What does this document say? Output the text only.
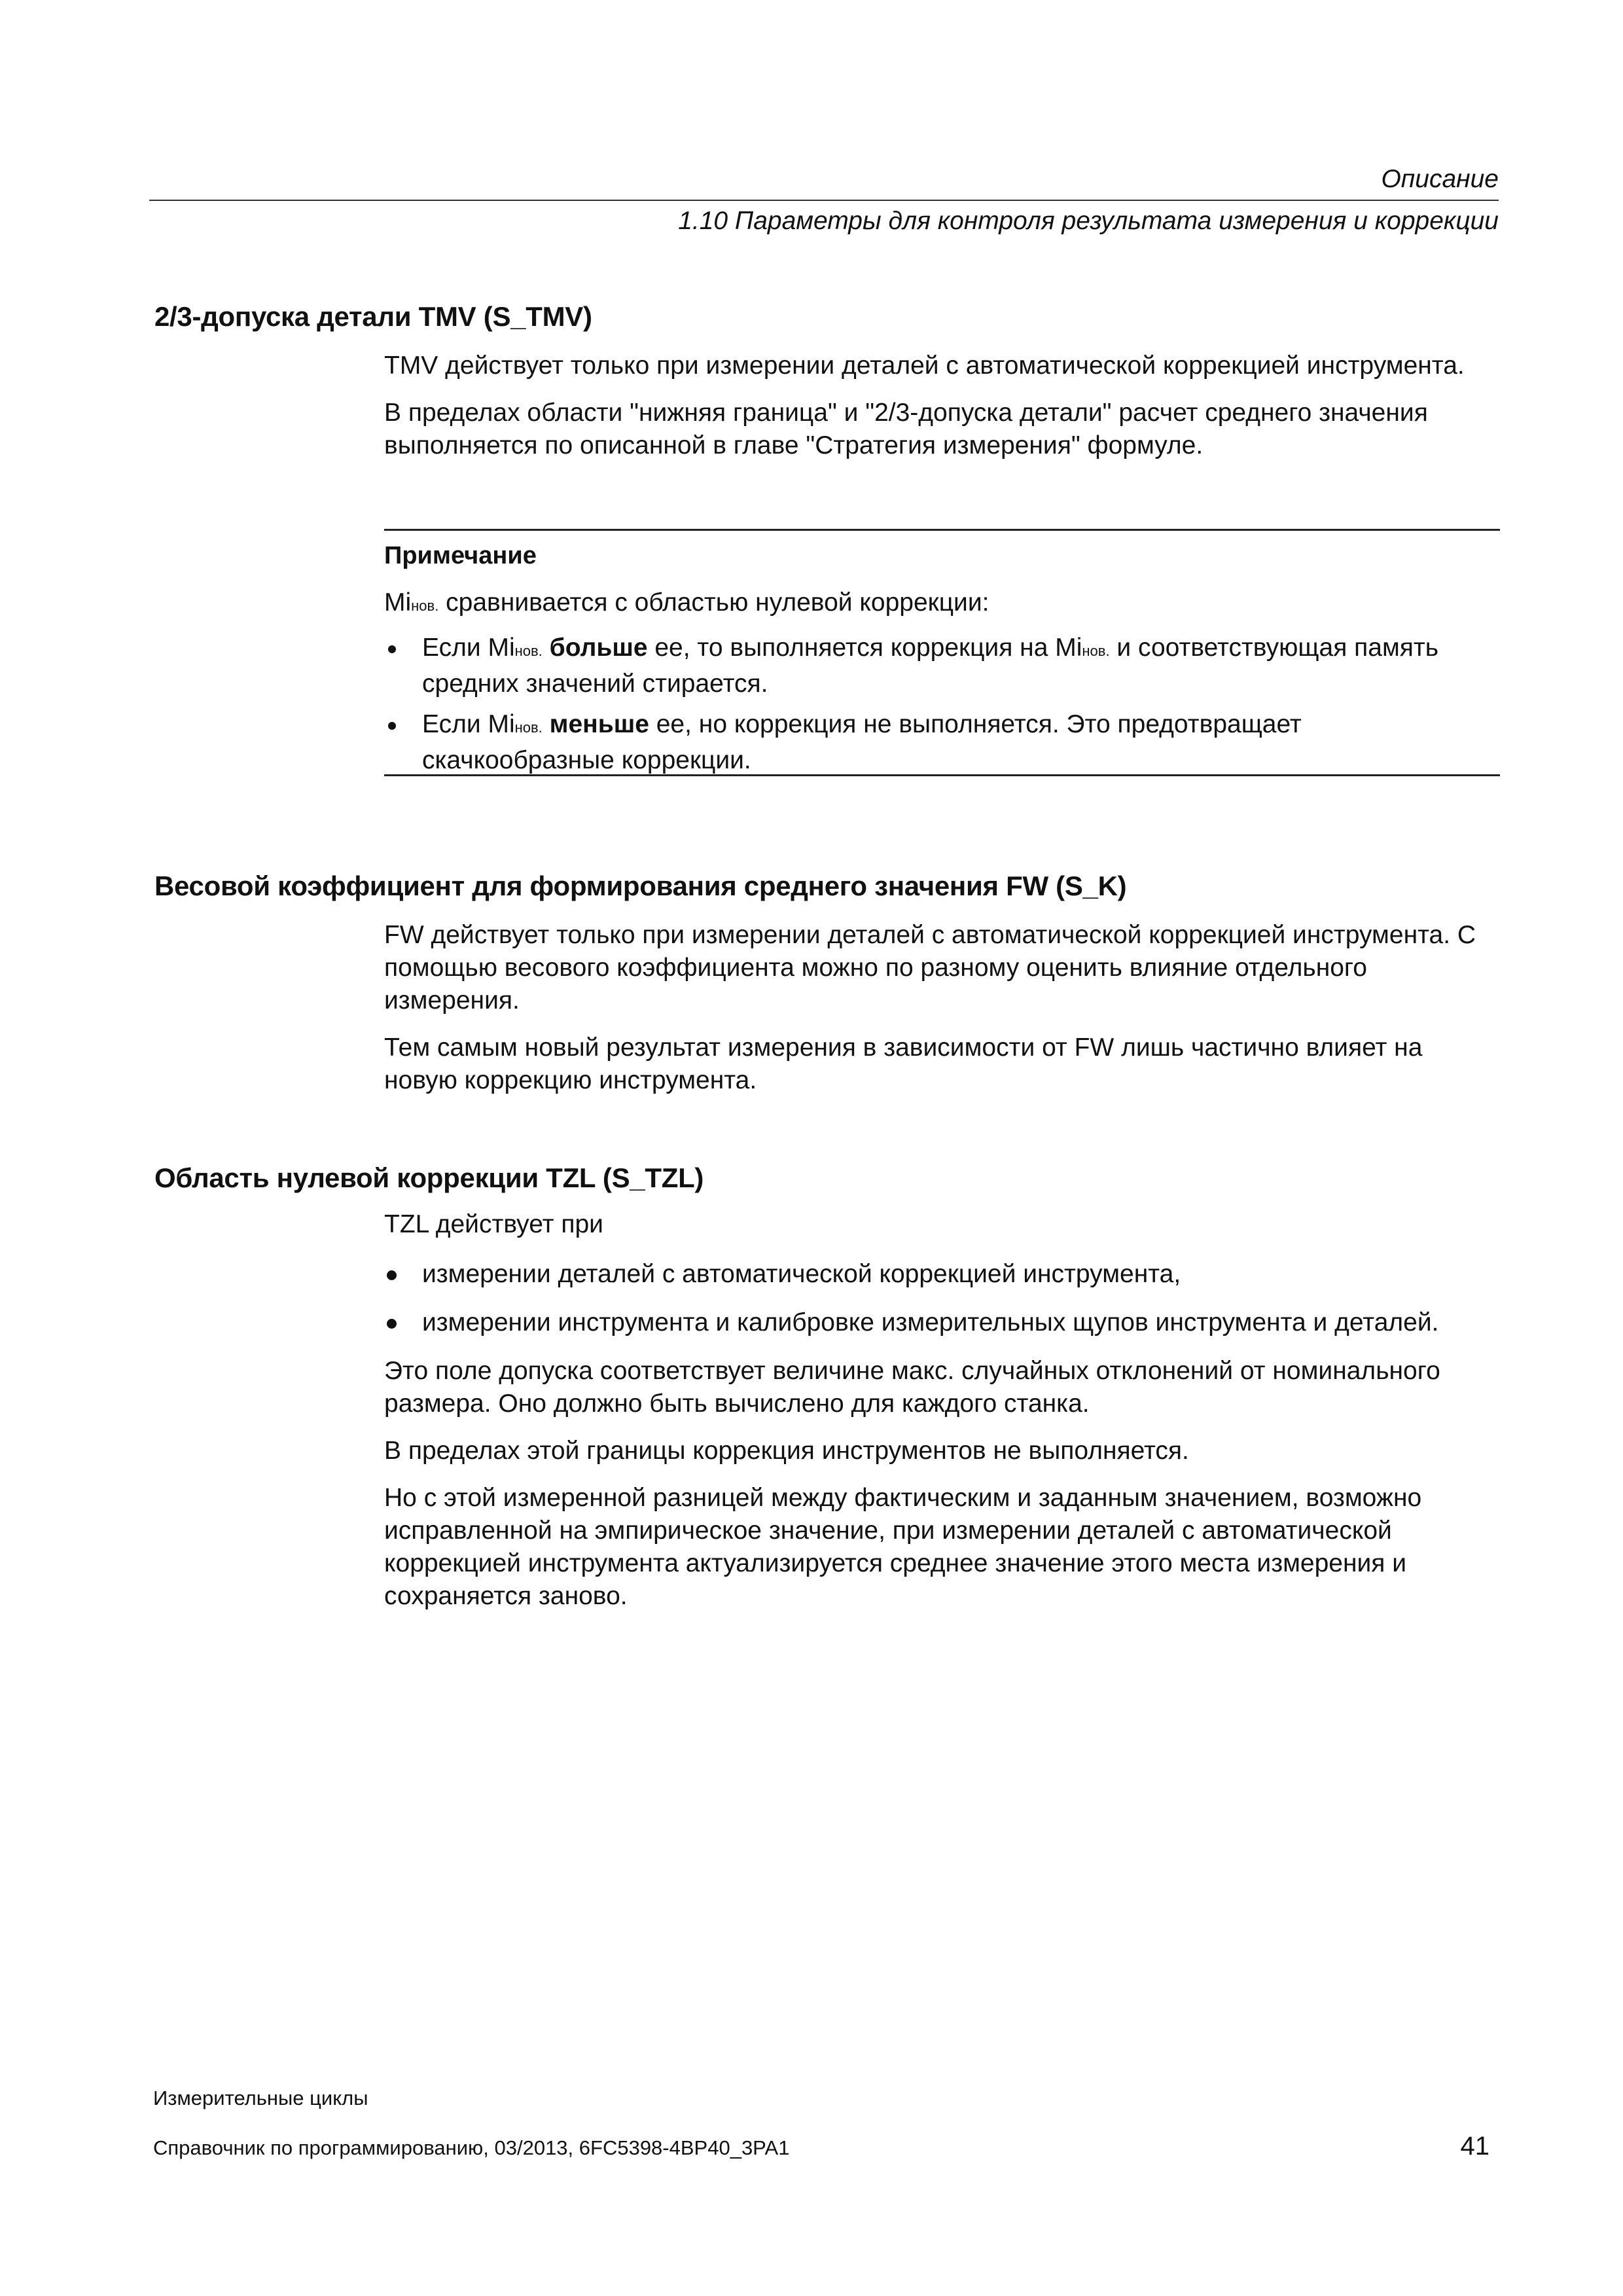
Описание
1.10 Параметры для контроля результата измерения и коррекции
2/3-допуска детали TMV (S_TMV)

TMV действует только при измерении деталей с автоматической коррекцией инструмента.

В пределах области "нижняя граница" и "2/3-допуска детали" расчет среднего значения выполняется по описанной в главе "Стратегия измерения" формуле.

Примечание

Miнов. сравнивается с областью нулевой коррекции:

Если Miнов. больше ее, то выполняется коррекция на Miнов. и соответствующая память средних значений стирается.
Если Miнов. меньше ее, но коррекция не выполняется. Это предотвращает скачкообразные коррекции.
Весовой коэффициент для формирования среднего значения FW (S_K)

FW действует только при измерении деталей с автоматической коррекцией инструмента. С помощью весового коэффициента можно по разному оценить влияние отдельного измерения.

Тем самым новый результат измерения в зависимости от FW лишь частично влияет на новую коррекцию инструмента.

Область нулевой коррекции TZL (S_TZL)

TZL действует при

измерении деталей с автоматической коррекцией инструмента,
измерении инструмента и калибровке измерительных щупов инструмента и деталей.

Это поле допуска соответствует величине макс. случайных отклонений от номинального размера. Оно должно быть вычислено для каждого станка.

В пределах этой границы коррекция инструментов не выполняется.

Но с этой измеренной разницей между фактическим и заданным значением, возможно исправленной на эмпирическое значение, при измерении деталей с автоматической коррекцией инструмента актуализируется среднее значение этого места измерения и сохраняется заново.

Измерительные циклы
Справочник по программированию, 03/2013, 6FC5398-4BP40_3PA1	41
